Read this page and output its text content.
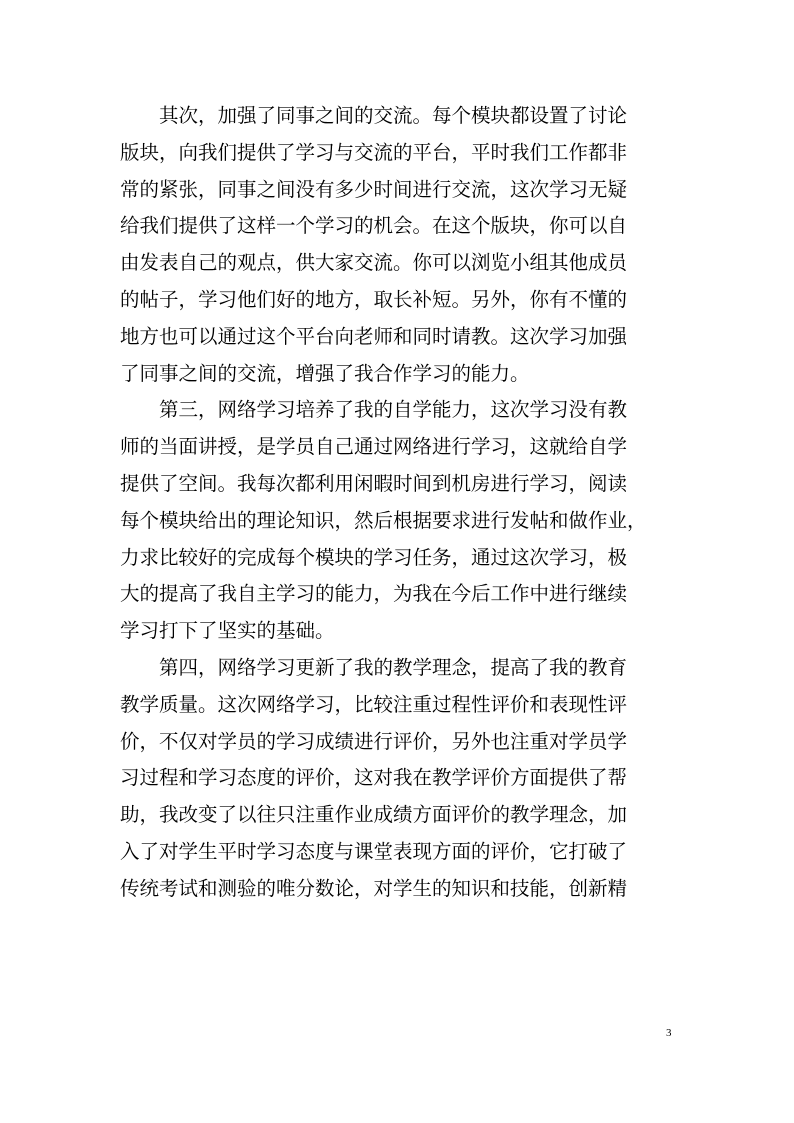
　　其次，加强了同事之间的交流。每个模块都设置了讨论
版块，向我们提供了学习与交流的平台，平时我们工作都非
常的紧张，同事之间没有多少时间进行交流，这次学习无疑
给我们提供了这样一个学习的机会。在这个版块，你可以自
由发表自己的观点，供大家交流。你可以浏览小组其他成员
的帖子，学习他们好的地方，取长补短。另外，你有不懂的
地方也可以通过这个平台向老师和同时请教。这次学习加强
了同事之间的交流，增强了我合作学习的能力。
　　第三，网络学习培养了我的自学能力，这次学习没有教
师的当面讲授，是学员自己通过网络进行学习，这就给自学
提供了空间。我每次都利用闲暇时间到机房进行学习，阅读
每个模块给出的理论知识，然后根据要求进行发帖和做作业，
力求比较好的完成每个模块的学习任务，通过这次学习，极
大的提高了我自主学习的能力，为我在今后工作中进行继续
学习打下了坚实的基础。
　　第四，网络学习更新了我的教学理念，提高了我的教育
教学质量。这次网络学习，比较注重过程性评价和表现性评
价，不仅对学员的学习成绩进行评价，另外也注重对学员学
习过程和学习态度的评价，这对我在教学评价方面提供了帮
助，我改变了以往只注重作业成绩方面评价的教学理念，加
入了对学生平时学习态度与课堂表现方面的评价，它打破了
传统考试和测验的唯分数论，对学生的知识和技能，创新精
3
